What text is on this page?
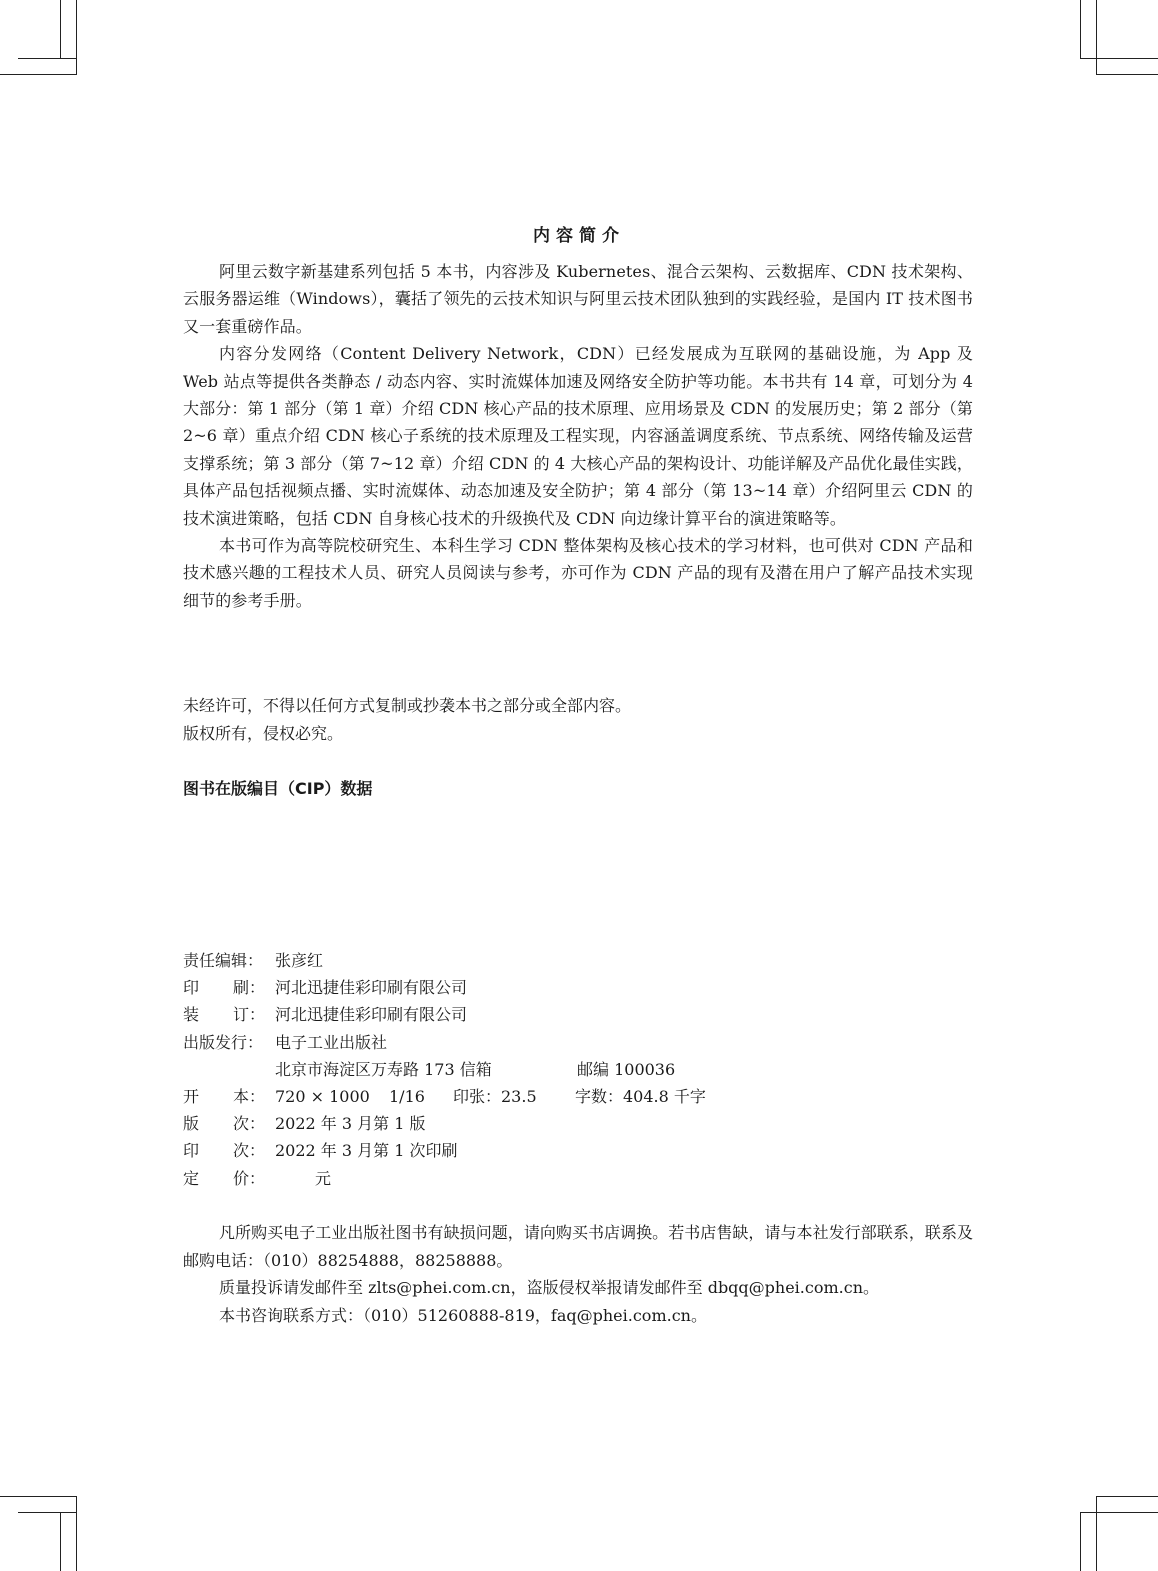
内容简介

阿里云数字新基建系列包括 5 本书，内容涉及 Kubernetes、混合云架构、云数据库、CDN 技术架构、云服务器运维（Windows），囊括了领先的云技术知识与阿里云技术团队独到的实践经验，是国内 IT 技术图书又一套重磅作品。

内容分发网络（Content Delivery Network，CDN）已经发展成为互联网的基础设施，为 App 及 Web 站点等提供各类静态 / 动态内容、实时流媒体加速及网络安全防护等功能。本书共有 14 章，可划分为 4 大部分：第 1 部分（第 1 章）介绍 CDN 核心产品的技术原理、应用场景及 CDN 的发展历史；第 2 部分（第 2~6 章）重点介绍 CDN 核心子系统的技术原理及工程实现，内容涵盖调度系统、节点系统、网络传输及运营支撑系统；第 3 部分（第 7~12 章）介绍 CDN 的 4 大核心产品的架构设计、功能详解及产品优化最佳实践，具体产品包括视频点播、实时流媒体、动态加速及安全防护；第 4 部分（第 13~14 章）介绍阿里云 CDN 的技术演进策略，包括 CDN 自身核心技术的升级换代及 CDN 向边缘计算平台的演进策略等。

本书可作为高等院校研究生、本科生学习 CDN 整体架构及核心技术的学习材料，也可供对 CDN 产品和技术感兴趣的工程技术人员、研究人员阅读与参考，亦可作为 CDN 产品的现有及潜在用户了解产品技术实现细节的参考手册。

未经许可，不得以任何方式复制或抄袭本书之部分或全部内容。
版权所有，侵权必究。
图书在版编目（CIP）数据
责任编辑： 张彦红
印 刷： 河北迅捷佳彩印刷有限公司
装 订： 河北迅捷佳彩印刷有限公司
出版发行： 电子工业出版社
北京市海淀区万寿路 173 信箱	邮编 100036
开 本： 720 × 1000 1/16 印张：23.5 字数：404.8 千字
版 次： 2022 年 3 月第 1 版
印 次： 2022 年 3 月第 1 次印刷
定 价：	元

凡所购买电子工业出版社图书有缺损问题，请向购买书店调换。若书店售缺，请与本社发行部联系，联系及邮购电话：（010）88254888，88258888。

质量投诉请发邮件至 zlts@phei.com.cn，盗版侵权举报请发邮件至 dbqq@phei.com.cn。

本书咨询联系方式：（010）51260888-819，faq@phei.com.cn。
